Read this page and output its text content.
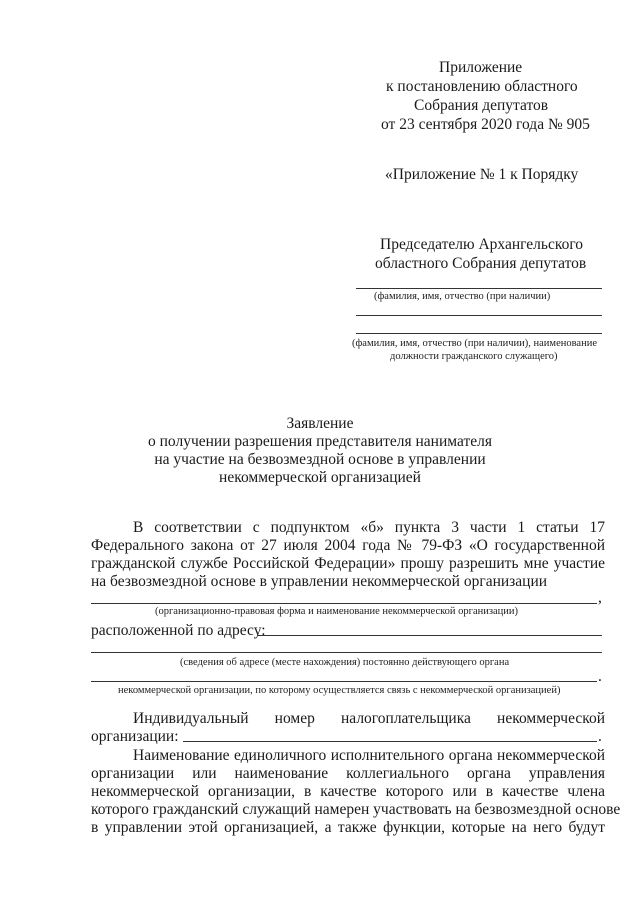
Приложение
к постановлению областного
Собрания депутатов
от 23 сентября 2020 года № 905
«Приложение № 1 к Порядку
Председателю Архангельского
областного Собрания депутатов
(фамилия, имя, отчество (при наличии)
(фамилия, имя, отчество (при наличии), наименование
должности гражданского служащего)
Заявление
о получении разрешения представителя нанимателя
на участие на безвозмездной основе в управлении
некоммерческой организацией
В соответствии с подпунктом «б» пункта 3 части 1 статьи 17
Федерального закона от 27 июля 2004 года № 79-ФЗ «О государственной
гражданской службе Российской Федерации» прошу разрешить мне участие
на безвозмездной основе в управлении некоммерческой организации
,
(организационно-правовая форма и наименование некоммерческой организации)
расположенной по адресу:
(сведения об адресе (месте нахождения) постоянно действующего органа
.
некоммерческой организации, по которому осуществляется связь с некоммерческой организацией)
Индивидуальный номер налогоплательщика некоммерческой
организации:	.
Наименование единоличного исполнительного органа некоммерческой
организации или наименование коллегиального органа управления
некоммерческой организации, в качестве которого или в качестве члена
которого гражданский служащий намерен участвовать на безвозмездной основе
в управлении этой организацией, а также функции, которые на него будут
